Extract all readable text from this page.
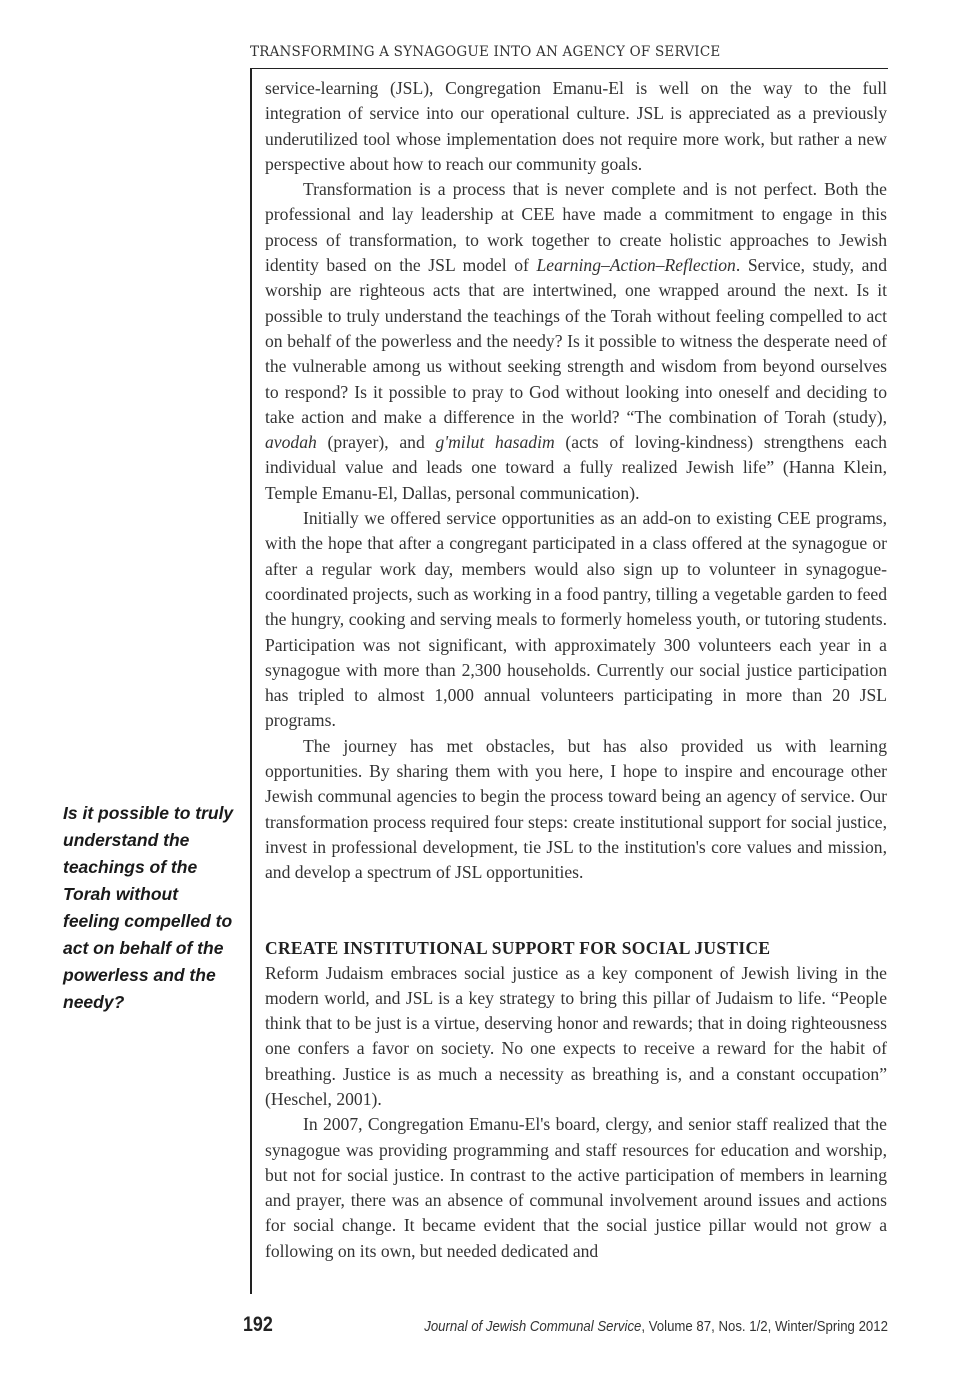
TRANSFORMING A SYNAGOGUE INTO AN AGENCY OF SERVICE

service-learning (JSL), Congregation Emanu-El is well on the way to the full integration of service into our operational culture. JSL is appreciated as a previously underutilized tool whose implementation does not require more work, but rather a new perspective about how to reach our community goals.

Transformation is a process that is never complete and is not perfect. Both the professional and lay leadership at CEE have made a commitment to engage in this process of transformation, to work together to create holistic approaches to Jewish identity based on the JSL model of Learning–Action–Reflection. Service, study, and worship are righteous acts that are intertwined, one wrapped around the next. Is it possible to truly understand the teachings of the Torah without feeling compelled to act on behalf of the powerless and the needy? Is it possible to witness the desperate need of the vulnerable among us without seeking strength and wisdom from beyond ourselves to respond? Is it possible to pray to God without looking into oneself and deciding to take action and make a difference in the world? “The combination of Torah (study), avodah (prayer), and g'milut hasadim (acts of loving-kindness) strengthens each individual value and leads one toward a fully realized Jewish life” (Hanna Klein, Temple Emanu-El, Dallas, personal communication).

Initially we offered service opportunities as an add-on to existing CEE programs, with the hope that after a congregant participated in a class offered at the synagogue or after a regular work day, members would also sign up to volunteer in synagogue-coordinated projects, such as working in a food pantry, tilling a vegetable garden to feed the hungry, cooking and serving meals to formerly homeless youth, or tutoring students. Participation was not significant, with approximately 300 volunteers each year in a synagogue with more than 2,300 households. Currently our social justice participation has tripled to almost 1,000 annual volunteers participating in more than 20 JSL programs.

The journey has met obstacles, but has also provided us with learning opportunities. By sharing them with you here, I hope to inspire and encourage other Jewish communal agencies to begin the process toward being an agency of service. Our transformation process required four steps: create institutional support for social justice, invest in professional development, tie JSL to the institution's core values and mission, and develop a spectrum of JSL opportunities.

CREATE INSTITUTIONAL SUPPORT FOR SOCIAL JUSTICE

Reform Judaism embraces social justice as a key component of Jewish living in the modern world, and JSL is a key strategy to bring this pillar of Judaism to life. “People think that to be just is a virtue, deserving honor and rewards; that in doing righteousness one confers a favor on society. No one expects to receive a reward for the habit of breathing. Justice is as much a necessity as breathing is, and a constant occupation” (Heschel, 2001).

In 2007, Congregation Emanu-El's board, clergy, and senior staff realized that the synagogue was providing programming and staff resources for education and worship, but not for social justice. In contrast to the active participation of members in learning and prayer, there was an absence of communal involvement around issues and actions for social change. It became evident that the social justice pillar would not grow a following on its own, but needed dedicated and

Is it possible to truly understand the teachings of the Torah without feeling compelled to act on behalf of the powerless and the needy?
192	Journal of Jewish Communal Service, Volume 87, Nos. 1/2, Winter/Spring 2012
